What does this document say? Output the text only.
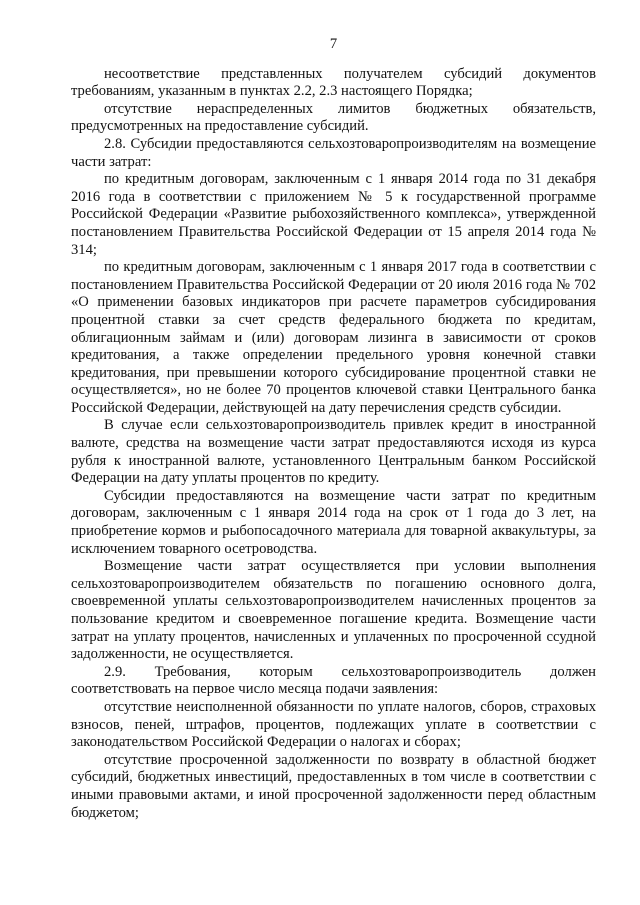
7

несоответствие представленных получателем субсидий документов требованиям, указанным в пунктах 2.2, 2.3 настоящего Порядка;

отсутствие нераспределенных лимитов бюджетных обязательств, предусмотренных на предоставление субсидий.

2.8. Субсидии предоставляются сельхозтоваропроизводителям на возмещение части затрат:

по кредитным договорам, заключенным с 1 января 2014 года по 31 декабря 2016 года в соответствии с приложением № 5 к государственной программе Российской Федерации «Развитие рыбохозяйственного комплекса», утвержденной постановлением Правительства Российской Федерации от 15 апреля 2014 года № 314;

по кредитным договорам, заключенным с 1 января 2017 года в соответствии с постановлением Правительства Российской Федерации от 20 июля 2016 года № 702 «О применении базовых индикаторов при расчете параметров субсидирования процентной ставки за счет средств федерального бюджета по кредитам, облигационным займам и (или) договорам лизинга в зависимости от сроков кредитования, а также определении предельного уровня конечной ставки кредитования, при превышении которого субсидирование процентной ставки не осуществляется», но не более 70 процентов ключевой ставки Центрального банка Российской Федерации, действующей на дату перечисления средств субсидии.

В случае если сельхозтоваропроизводитель привлек кредит в иностранной валюте, средства на возмещение части затрат предоставляются исходя из курса рубля к иностранной валюте, установленного Центральным банком Российской Федерации на дату уплаты процентов по кредиту.

Субсидии предоставляются на возмещение части затрат по кредитным договорам, заключенным с 1 января 2014 года на срок от 1 года до 3 лет, на приобретение кормов и рыбопосадочного материала для товарной аквакультуры, за исключением товарного осетроводства.

Возмещение части затрат осуществляется при условии выполнения сельхозтоваропроизводителем обязательств по погашению основного долга, своевременной уплаты сельхозтоваропроизводителем начисленных процентов за пользование кредитом и своевременное погашение кредита. Возмещение части затрат на уплату процентов, начисленных и уплаченных по просроченной ссудной задолженности, не осуществляется.

2.9. Требования, которым сельхозтоваропроизводитель должен соответствовать на первое число месяца подачи заявления:

отсутствие неисполненной обязанности по уплате налогов, сборов, страховых взносов, пеней, штрафов, процентов, подлежащих уплате в соответствии с законодательством Российской Федерации о налогах и сборах;

отсутствие просроченной задолженности по возврату в областной бюджет субсидий, бюджетных инвестиций, предоставленных в том числе в соответствии с иными правовыми актами, и иной просроченной задолженности перед областным бюджетом;
